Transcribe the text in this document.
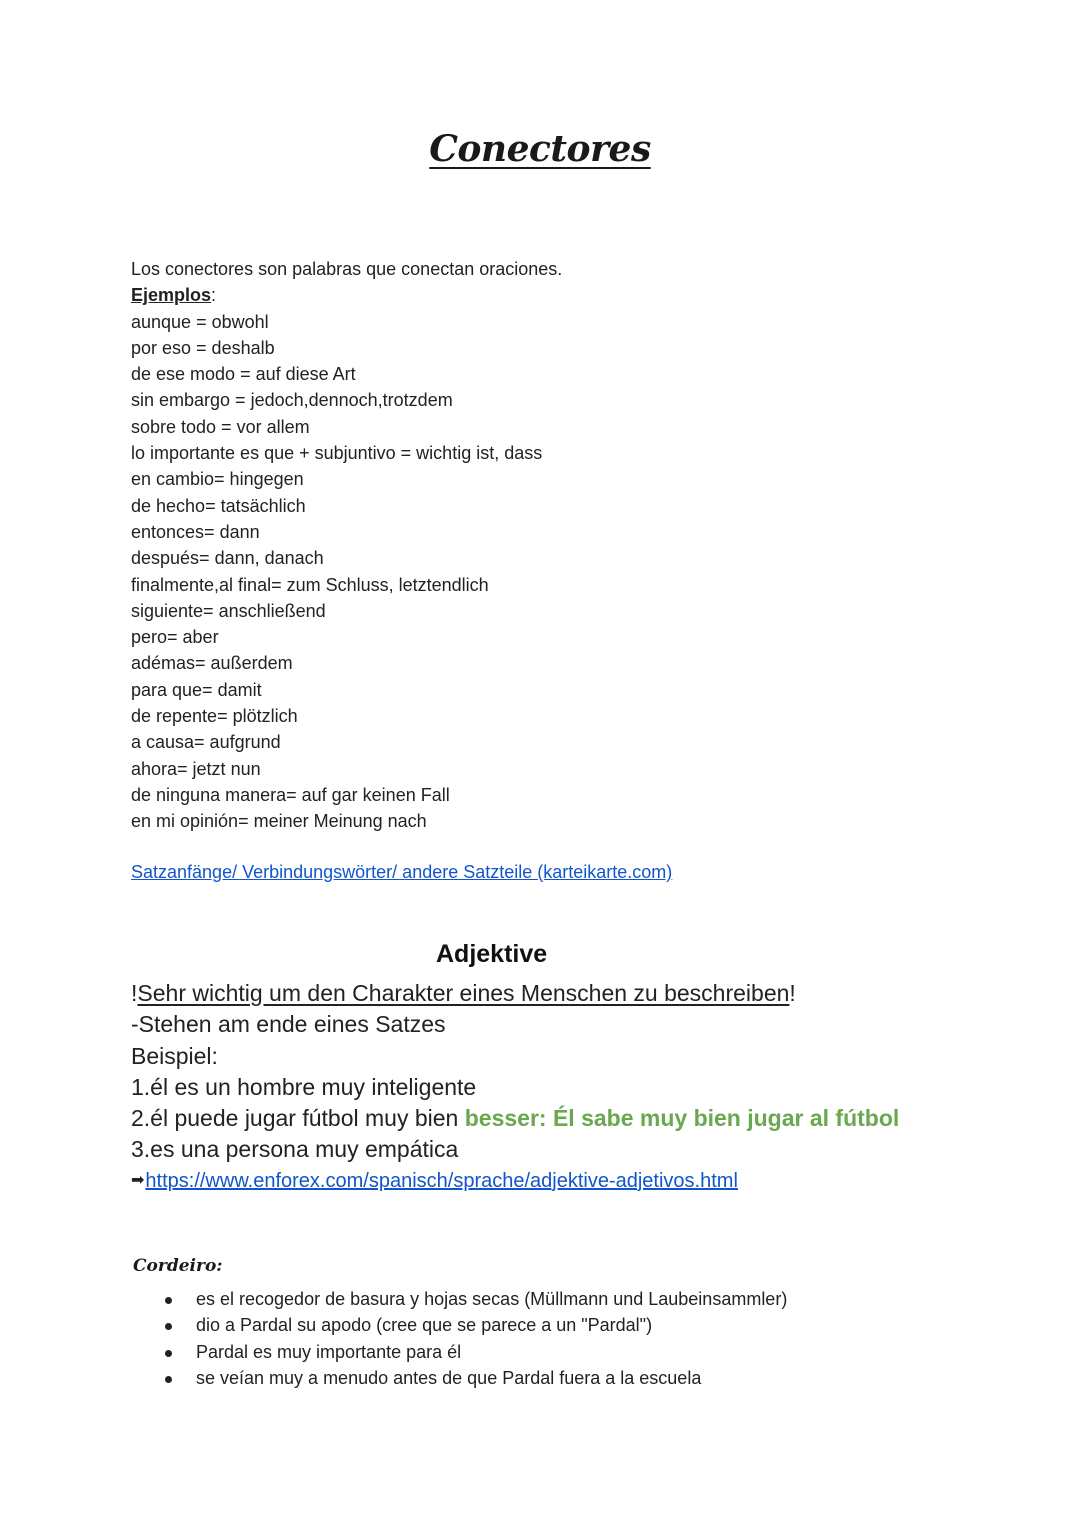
Conectores

Los conectores son palabras que conectan oraciones.

Ejemplos:

aunque = obwohl

por eso = deshalb

de ese modo = auf diese Art

sin embargo = jedoch,dennoch,trotzdem

sobre todo = vor allem

lo importante es que + subjuntivo = wichtig ist, dass

en cambio= hingegen

de hecho= tatsächlich

entonces= dann

después= dann, danach

finalmente,al final= zum Schluss, letztendlich

siguiente= anschließend

pero= aber

adémas= außerdem

para que= damit

de repente= plötzlich

a causa= aufgrund

ahora= jetzt nun

de ninguna manera= auf gar keinen Fall

en mi opinión= meiner Meinung nach

Satzanfänge/ Verbindungswörter/ andere Satzteile (karteikarte.com)
Adjektive

!Sehr wichtig um den Charakter eines Menschen zu beschreiben!

-Stehen am ende eines Satzes

Beispiel:

1.él es un hombre muy inteligente

2.él puede jugar fútbol muy bien besser: Él sabe muy bien jugar al fútbol

3.es una persona muy empática

➡https://www.enforex.com/spanisch/sprache/adjektive-adjetivos.html

Cordeiro:
es el recogedor de basura y hojas secas (Müllmann und Laubeinsammler)
dio a Pardal su apodo (cree que se parece a un "Pardal")
Pardal es muy importante para él
se veían muy a menudo antes de que Pardal fuera a la escuela
